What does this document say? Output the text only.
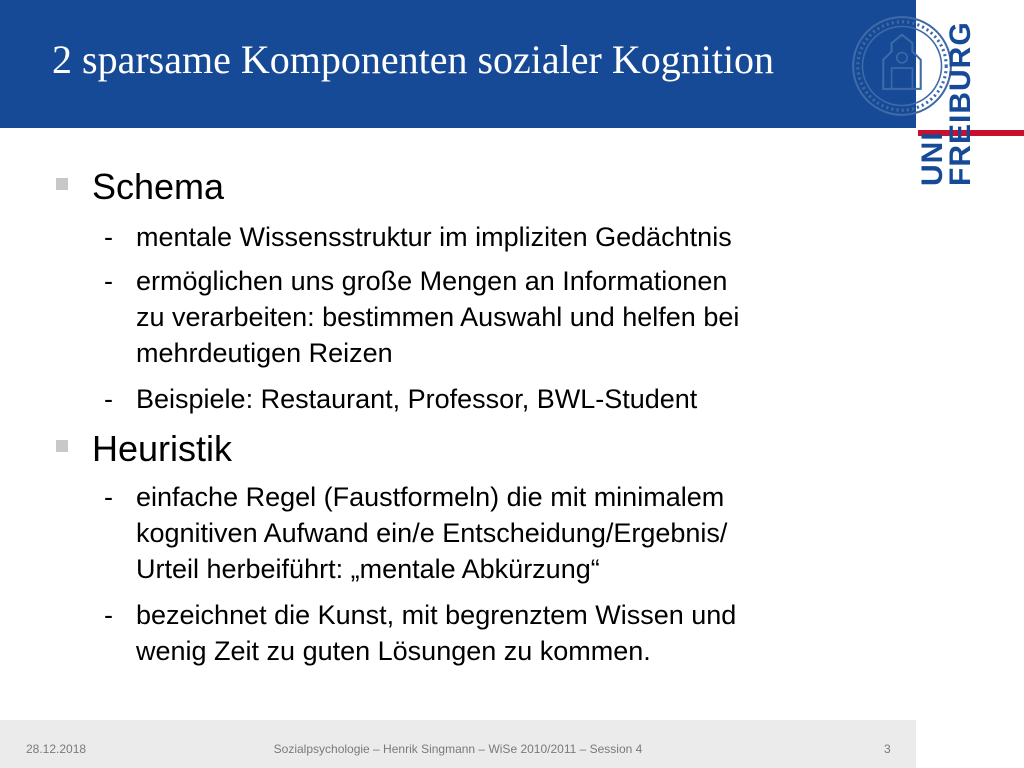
2 sparsame Komponenten sozialer Kognition
UNI
FREIBURG
Schema
- mentale Wissensstruktur im impliziten Gedächtnis
- ermöglichen uns große Mengen an Informationen
zu verarbeiten: bestimmen Auswahl und helfen bei
mehrdeutigen Reizen
- Beispiele: Restaurant, Professor, BWL-Student
Heuristik
- einfache Regel (Faustformeln) die mit minimalem
kognitiven Aufwand ein/e Entscheidung/Ergebnis/
Urteil herbeiführt: „mentale Abkürzung“
- bezeichnet die Kunst, mit begrenztem Wissen und
wenig Zeit zu guten Lösungen zu kommen.
28.12.2018	Sozialpsychologie – Henrik Singmann – WiSe 2010/2011 – Session 4	3
